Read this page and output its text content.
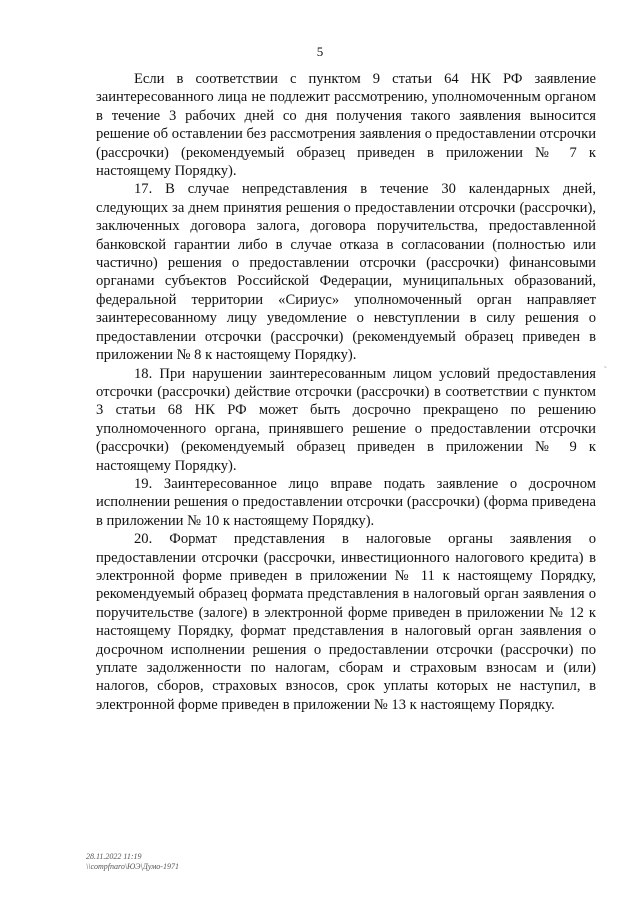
5

Если в соответствии с пунктом 9 статьи 64 НК РФ заявление заинтересованного лица не подлежит рассмотрению, уполномоченным органом в течение 3 рабочих дней со дня получения такого заявления выносится решение об оставлении без рассмотрения заявления о предоставлении отсрочки (рассрочки) (рекомендуемый образец приведен в приложении № 7 к настоящему Порядку).

17. В случае непредставления в течение 30 календарных дней, следующих за днем принятия решения о предоставлении отсрочки (рассрочки), заключенных договора залога, договора поручительства, предоставленной банковской гарантии либо в случае отказа в согласовании (полностью или частично) решения о предоставлении отсрочки (рассрочки) финансовыми органами субъектов Российской Федерации, муниципальных образований, федеральной территории «Сириус» уполномоченный орган направляет заинтересованному лицу уведомление о невступлении в силу решения о предоставлении отсрочки (рассрочки) (рекомендуемый образец приведен в приложении № 8 к настоящему Порядку).

18. При нарушении заинтересованным лицом условий предоставления отсрочки (рассрочки) действие отсрочки (рассрочки) в соответствии с пунктом 3 статьи 68 НК РФ может быть досрочно прекращено по решению уполномоченного органа, принявшего решение о предоставлении отсрочки (рассрочки) (рекомендуемый образец приведен в приложении № 9 к настоящему Порядку).

19. Заинтересованное лицо вправе подать заявление о досрочном исполнении решения о предоставлении отсрочки (рассрочки) (форма приведена в приложении № 10 к настоящему Порядку).

20. Формат представления в налоговые органы заявления о предоставлении отсрочки (рассрочки, инвестиционного налогового кредита) в электронной форме приведен в приложении № 11 к настоящему Порядку, рекомендуемый образец формата представления в налоговый орган заявления о поручительстве (залоге) в электронной форме приведен в приложении № 12 к настоящему Порядку, формат представления в налоговый орган заявления о досрочном исполнении решения о предоставлении отсрочки (рассрочки) по уплате задолженности по налогам, сборам и страховым взносам и (или) налогов, сборов, страховых взносов, срок уплаты которых не наступил, в электронной форме приведен в приложении № 13 к настоящему Порядку.

˜
28.11.2022 11:19
\\compfnaro\ЮЭ\Думо-1971
